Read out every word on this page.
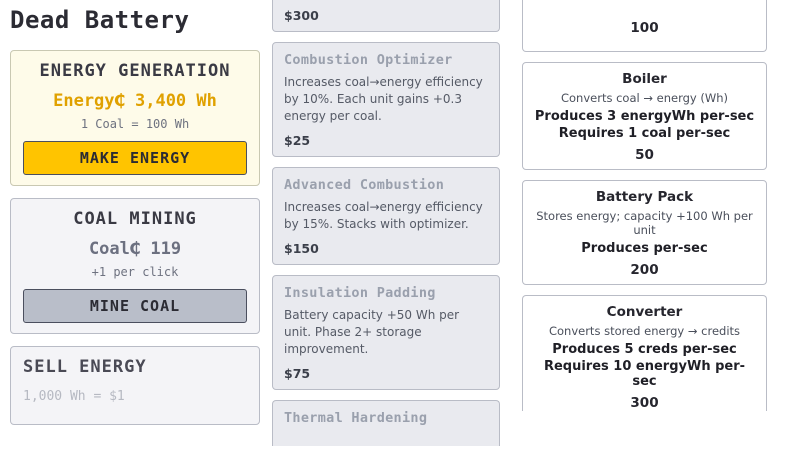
Dead Battery
ENERGY GENERATION
Energy₵ 3,400 Wh
1 Coal = 100 Wh
MAKE ENERGY
COAL MINING
Coal₵ 119
+1 per click
MINE COAL
SELL ENERGY
1,000 Wh = $1
$300
Combustion Optimizer
Increases coal→energy efficiency by 10%. Each unit gains +0.3 energy per coal.
$25
Advanced Combustion
Increases coal→energy efficiency by 15%. Stacks with optimizer.
$150
Insulation Padding
Battery capacity +50 Wh per unit. Phase 2+ storage improvement.
$75
Thermal Hardening
100
Boiler
Converts coal → energy (Wh)
Produces 3 energyWh per-sec
Requires 1 coal per-sec
50
Battery Pack
Stores energy; capacity +100 Wh per unit
Produces per-sec
200
Converter
Converts stored energy → credits
Produces 5 creds per-sec
Requires 10 energyWh per-sec
300
